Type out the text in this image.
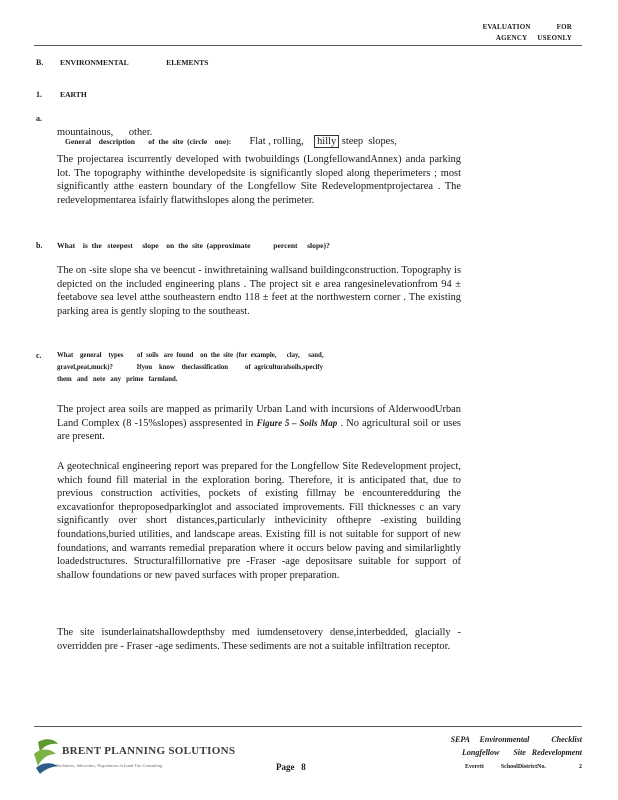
EVALUATION	FOR
AGENCY USEONLY
B.	ENVIRONMENTAL                    ELEMENTS
1.	EARTH
a.

General    description       of  the  site  (circle    one): Flat , rolling, hilly steep  slopes,

mountainous,      other.
The projectarea iscurrently developed with twobuildings (LongfellowandAnnex) anda parking lot. The topography withinthe developedsite is significantly sloped along theperimeters ; most significantly atthe eastern boundary of the Longfellow Site Redevelopmentprojectarea . The redevelopmentarea isfairly flatwithslopes along the perimeter.
b.	What    is  the   steepest     slope    on  the  site  (approximate            percent     slope)?
The on -site slope sha ve beencut - inwithretaining wallsand buildingconstruction. Topography is depicted on the included engineering plans . The project sit e area rangesinelevationfrom 94 ± feetabove sea level atthe southeastern endto 118 ± feet at the northwestern corner . The existing parking area is gently sloping to the southeast.
c.	What    general    types        of  soils   are  found    on  the  site  (for  example,      clay,     sand,
gravel,peat,muck)?              Ifyou    know    theclassification          of  agriculturalsoils,specify
them   and   note   any   prime   farmland.
The project area soils are mapped as primarily Urban Land with incursions of AlderwoodUrban Land Complex (8 -15%slopes) asspresented in Figure 5 – Soils Map . No agricultural soil or uses are present.
A geotechnical engineering report was prepared for the Longfellow Site Redevelopment project, which found fill material in the exploration boring. Therefore, it is anticipated that, due to previous construction activities, pockets of existing fillmay be encounteredduring the excavationfor theproposedparkinglot and associated improvements. Fill thicknesses c an vary significantly over short distances,particularly inthevicinity ofthepre -existing building foundations,buried utilities, and landscape areas. Existing fill is not suitable for support of new foundations, and warrants remedial preparation where it occurs below paving and similarlightly loadedstructures. Structuralfillornative pre -Fraser -age depositsare suitable for support of shallow foundations or new paved surfaces with proper preparation.
The site isunderlainatshallowdepthsby med iumdensetovery dense,interbedded, glacially -overridden pre - Fraser -age sediments. These sediments are not a suitable infiltration receptor.
BRENT PLANNING SOLUTIONS
Architects, Advocates, Negotiators in Land Use Consulting	Page   8
SEPA     Environmental           Checklist
Longfellow       Site   Redevelopment
Everett	SchoolDistrictNo.	2
